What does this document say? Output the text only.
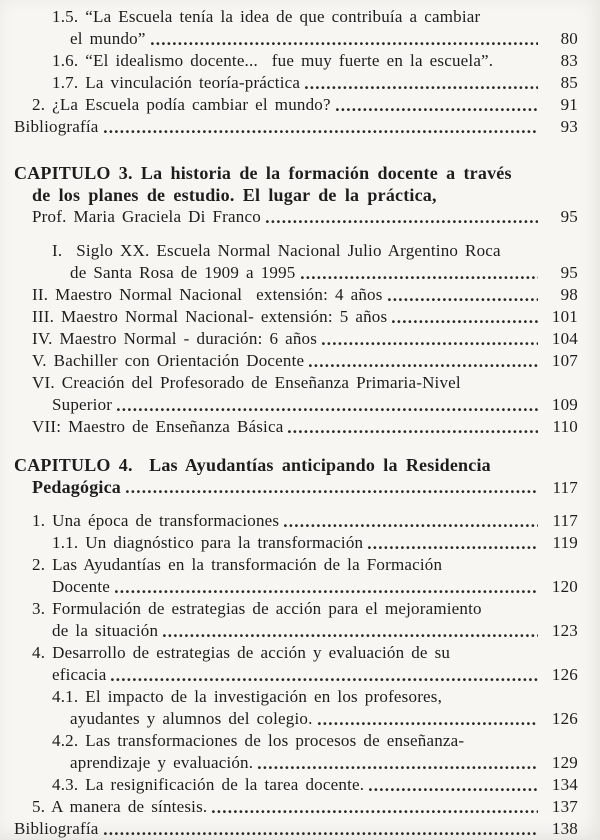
1.5. “La Escuela tenía la idea de que contribuía a cambiar
el mundo”	80
1.6. “El idealismo docente...  fue muy fuerte en la escuela”.	83
1.7. La vinculación teoría-práctica	85
2. ¿La Escuela podía cambiar el mundo?	91
Bibliografía	93
CAPITULO 3. La historia de la formación docente a través
de los planes de estudio. El lugar de la práctica,
Prof. Maria Graciela Di Franco	95
I.  Siglo XX. Escuela Normal Nacional Julio Argentino Roca
de Santa Rosa de 1909 a 1995	95
II. Maestro Normal Nacional  extensión: 4 años	98
III. Maestro Normal Nacional- extensión: 5 años	101
IV. Maestro Normal - duración: 6 años	104
V. Bachiller con Orientación Docente	107
VI. Creación del Profesorado de Enseñanza Primaria-Nivel
Superior	109
VII: Maestro de Enseñanza Básica	110
CAPITULO 4.  Las Ayudantías anticipando la Residencia
Pedagógica	117
1. Una época de transformaciones	117
1.1. Un diagnóstico para la transformación	119
2. Las Ayudantías en la transformación de la Formación
Docente	120
3. Formulación de estrategias de acción para el mejoramiento
de la situación	123
4. Desarrollo de estrategias de acción y evaluación de su
eficacia	126
4.1. El impacto de la investigación en los profesores,
ayudantes y alumnos del colegio.	126
4.2. Las transformaciones de los procesos de enseñanza-
aprendizaje y evaluación.	129
4.3. La resignificación de la tarea docente.	134
5. A manera de síntesis.	137
Bibliografía	138
